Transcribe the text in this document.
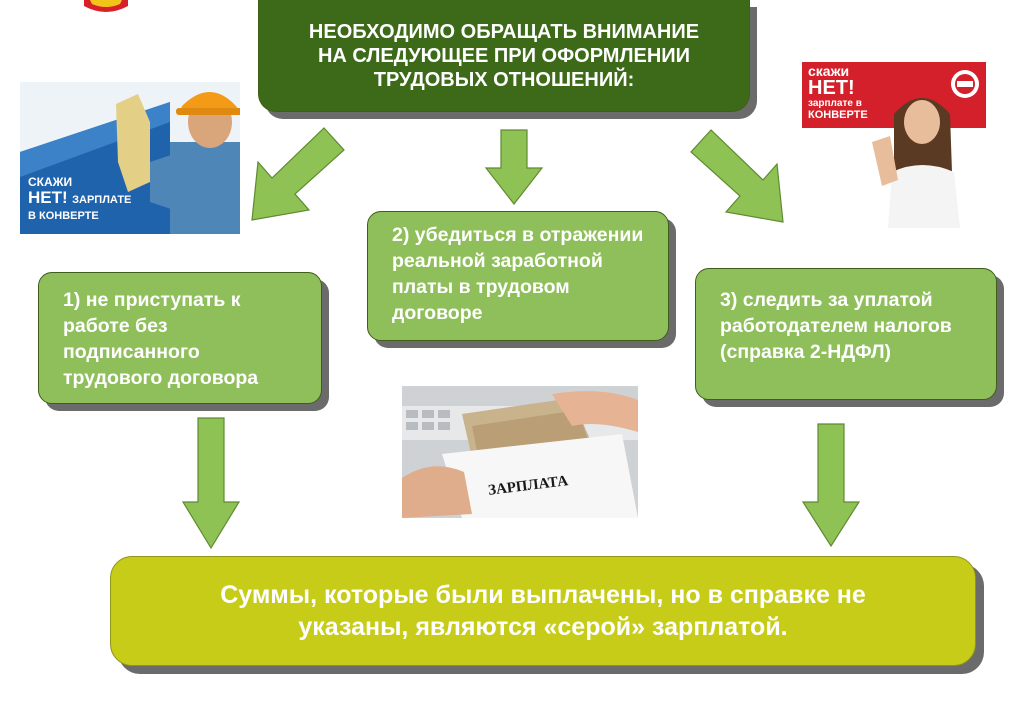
НЕОБХОДИМО ОБРАЩАТЬ ВНИМАНИЕ НА СЛЕДУЮЩЕЕ ПРИ ОФОРМЛЕНИИ ТРУДОВЫХ ОТНОШЕНИЙ:
СКАЖИ
НЕТ! ЗАРПЛАТЕ
В КОНВЕРТЕ
скажи
НЕТ!
зарплате в
КОНВЕРТЕ
1) не приступать к работе без подписанного трудового договора
2) убедиться в отражении реальной заработной платы в трудовом договоре
3) следить за уплатой работодателем налогов (справка 2-НДФЛ)
ЗАРПЛАТА
Суммы, которые были выплачены, но в справке не указаны, являются «серой» зарплатой.
